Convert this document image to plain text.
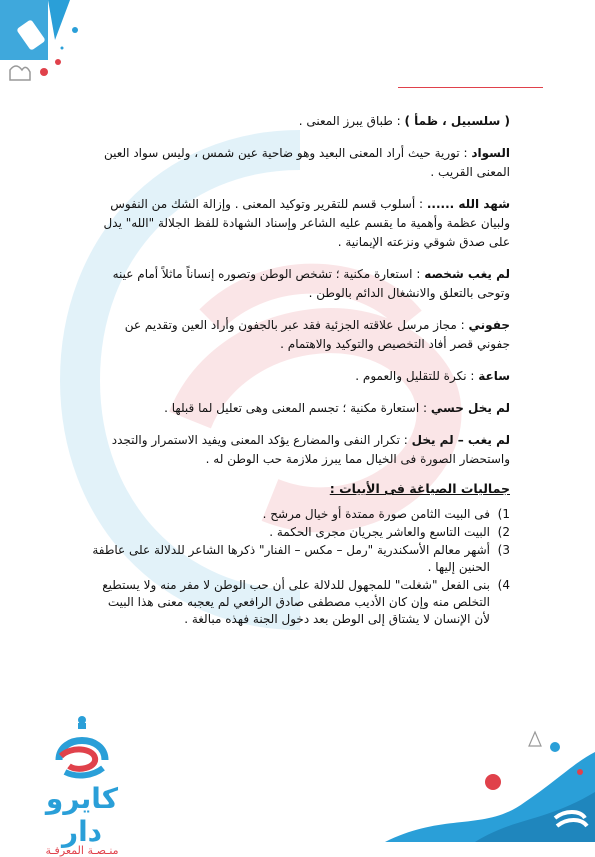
كايرو دار
منـصـة المعرفـة

( سلسبيل ، ظمأ ) : طباق يبرز المعنى .

السواد : تورية حيث أراد المعنى البعيد وهو ضاحية عين شمس ، وليس سواد العين المعنى القريب .

شهد الله ...... : أسلوب قسم للتقرير وتوكيد المعنى . وإزالة الشك من النفوس ولبيان عظمة وأهمية ما يقسم عليه الشاعر وإسناد الشهادة للفظ الجلالة "الله" يدل على صدق شوقي ونزعته الإيمانية .

لم يغب شخصه : استعارة مكنية ؛ تشخص الوطن وتصوره إنساناً ماثلاً أمام عينه وتوحى بالتعلق والانشغال الدائم بالوطن .

جفوني : مجاز مرسل علاقته الجزئية فقد عبر بالجفون وأراد العين وتقديم عن جفوني قصر أفاد التخصيص والتوكيد والاهتمام .

ساعة : نكرة للتقليل والعموم .

لم يخل حسي : استعارة مكنية ؛ تجسم المعنى وهى تعليل لما قبلها .

لم يغب – لم يخل : تكرار النفى والمضارع يؤكد المعنى ويفيد الاستمرار والتجدد واستحضار الصورة فى الخيال مما يبرز ملازمة حب الوطن له .

جماليات الصياغة فى الأبيات :
1)
فى البيت الثامن صورة ممتدة أو خيال مرشح .
2)
البيت التاسع والعاشر يجريان مجرى الحكمة .
3)
أشهر معالم الأسكندرية "رمل – مكس – الفنار" ذكرها الشاعر للدلالة على عاطفة الحنين إليها .
4)
بنى الفعل "شغلت" للمجهول للدلالة على أن حب الوطن لا مفر منه ولا يستطيع التخلص منه وإن كان الأديب مصطفى صادق الرافعي لم يعجبه معنى هذا البيت لأن الإنسان لا يشتاق إلى الوطن بعد دخول الجنة فهذه مبالغة .
